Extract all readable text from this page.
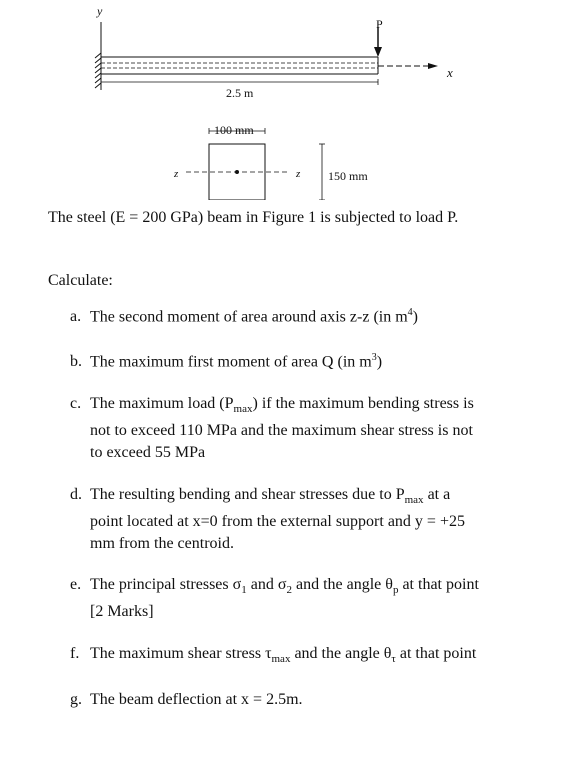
y
x
P
2.5 m
100 mm
z	z 150 mm
The steel (E = 200 GPa) beam in Figure 1 is subjected to load P.
Calculate:
a. The second moment of area around axis z-z (in $m^4$)
b. The maximum first moment of area Q (in $m^3$)
c. The maximum load $(P_{max})$ if the maximum bending stress is
not to exceed 110 MPa and the maximum shear stress is not
to exceed 55 MPa
d. The resulting bending and shear stresses due to $P_{max}$ at a
point located at x=0 from the external support and y = +25
mm from the centroid.
e. The principal stresses $\sigma_1$ and $\sigma_2$ and the angle $\theta_p$ at that point
[2 Marks]
f. The maximum shear stress $\tau_{max}$ and the angle $\theta_\tau$ at that point
g. The beam deflection at x = 2.5m.
